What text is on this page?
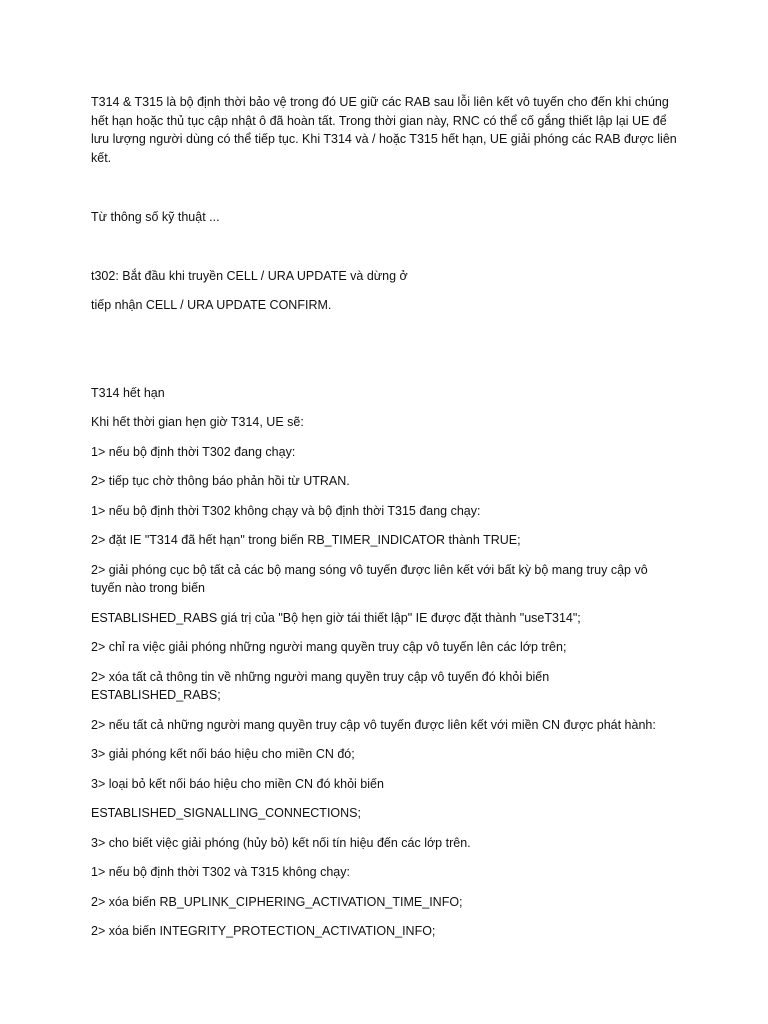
T314 & T315 là bộ định thời bảo vệ trong đó UE giữ các RAB sau lỗi liên kết vô tuyến cho đến khi chúng hết hạn hoặc thủ tục cập nhật ô đã hoàn tất. Trong thời gian này, RNC có thể cố gắng thiết lập lại UE để lưu lượng người dùng có thể tiếp tục. Khi T314 và / hoặc T315 hết hạn, UE giải phóng các RAB được liên kết.

Từ thông số kỹ thuật ...

t302: Bắt đầu khi truyền CELL / URA UPDATE và dừng ở

tiếp nhận CELL / URA UPDATE CONFIRM.

T314 hết hạn

Khi hết thời gian hẹn giờ T314, UE sẽ:

1> nếu bộ định thời T302 đang chạy:

2> tiếp tục chờ thông báo phản hồi từ UTRAN.

1> nếu bộ định thời T302 không chạy và bộ định thời T315 đang chạy:

2> đặt IE "T314 đã hết hạn" trong biến RB_TIMER_INDICATOR thành TRUE;

2> giải phóng cục bộ tất cả các bộ mang sóng vô tuyến được liên kết với bất kỳ bộ mang truy cập vô tuyến nào trong biến

ESTABLISHED_RABS giá trị của "Bộ hẹn giờ tái thiết lập" IE được đặt thành "useT314";

2> chỉ ra việc giải phóng những người mang quyền truy cập vô tuyến lên các lớp trên;

2> xóa tất cả thông tin về những người mang quyền truy cập vô tuyến đó khỏi biến ESTABLISHED_RABS;

2> nếu tất cả những người mang quyền truy cập vô tuyến được liên kết với miền CN được phát hành:

3> giải phóng kết nối báo hiệu cho miền CN đó;

3> loại bỏ kết nối báo hiệu cho miền CN đó khỏi biến

ESTABLISHED_SIGNALLING_CONNECTIONS;

3> cho biết việc giải phóng (hủy bỏ) kết nối tín hiệu đến các lớp trên.

1> nếu bộ định thời T302 và T315 không chạy:

2> xóa biến RB_UPLINK_CIPHERING_ACTIVATION_TIME_INFO;

2> xóa biến INTEGRITY_PROTECTION_ACTIVATION_INFO;
